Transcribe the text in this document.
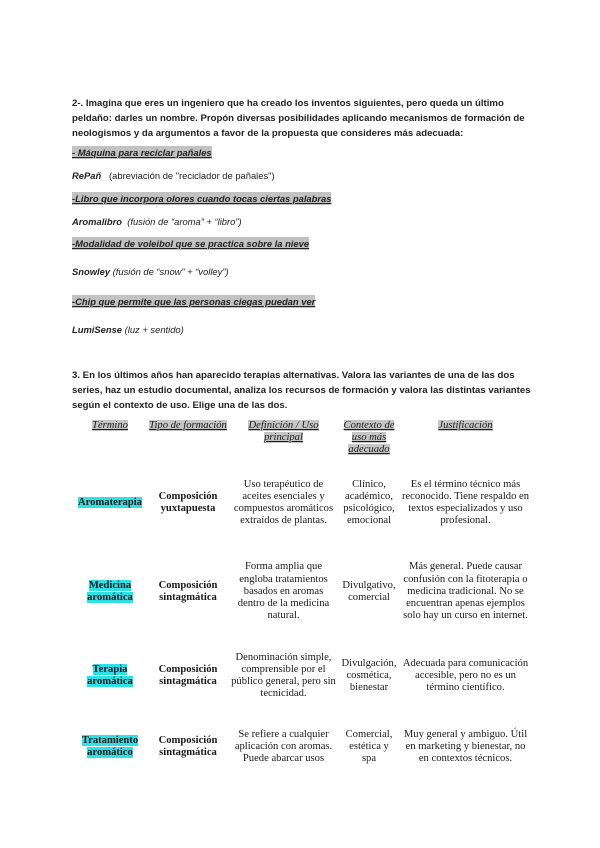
2-. Imagina que eres un ingeniero que ha creado los inventos siguientes, pero queda un último peldaño: darles un nombre. Propón diversas posibilidades aplicando mecanismos de formación de neologismos y da argumentos a favor de la propuesta que consideres más adecuada:
- Máquina para reciclar pañales
RePañ (abreviación de "reciclador de pañales")
-Libro que incorpora olores cuando tocas ciertas palabras
Aromalibro (fusión de “aroma” + “libro”)
-Modalidad de voleibol que se practica sobre la nieve
Snowley (fusión de “snow” + “volley”)
-Chip que permite que las personas ciegas puedan ver
LumiSense (luz + sentido)
3. En los últimos años han aparecido terapias alternativas. Valora las variantes de una de las dos series, haz un estudio documental, analiza los recursos de formación y valora las distintas variantes según el contexto de uso. Elige una de las dos.
Término	Tipo de formación	Definición / Uso principal	Contexto de uso más adecuado	Justificación
Aromaterapia	Composición yuxtapuesta	Uso terapéutico de aceites esenciales y compuestos aromáticos extraídos de plantas.	Clínico, académico, psicológico, emocional	Es el término técnico más reconocido. Tiene respaldo en textos especializados y uso profesional.
Medicina aromática	Composición sintagmática	Forma amplia que engloba tratamientos basados en aromas dentro de la medicina natural.	Divulgativo, comercial	Más general. Puede causar confusión con la fitoterapia o medicina tradicional. No se encuentran apenas ejemplos solo hay un curso en internet.
Terapia aromática	Composición sintagmática	Denominación simple, comprensible por el público general, pero sin tecnicidad.	Divulgación, cosmética, bienestar	Adecuada para comunicación accesible, pero no es un término científico.
Tratamiento aromático	Composición sintagmática	Se refiere a cualquier aplicación con aromas. Puede abarcar usos	Comercial, estética y spa	Muy general y ambiguo. Útil en marketing y bienestar, no en contextos técnicos.
